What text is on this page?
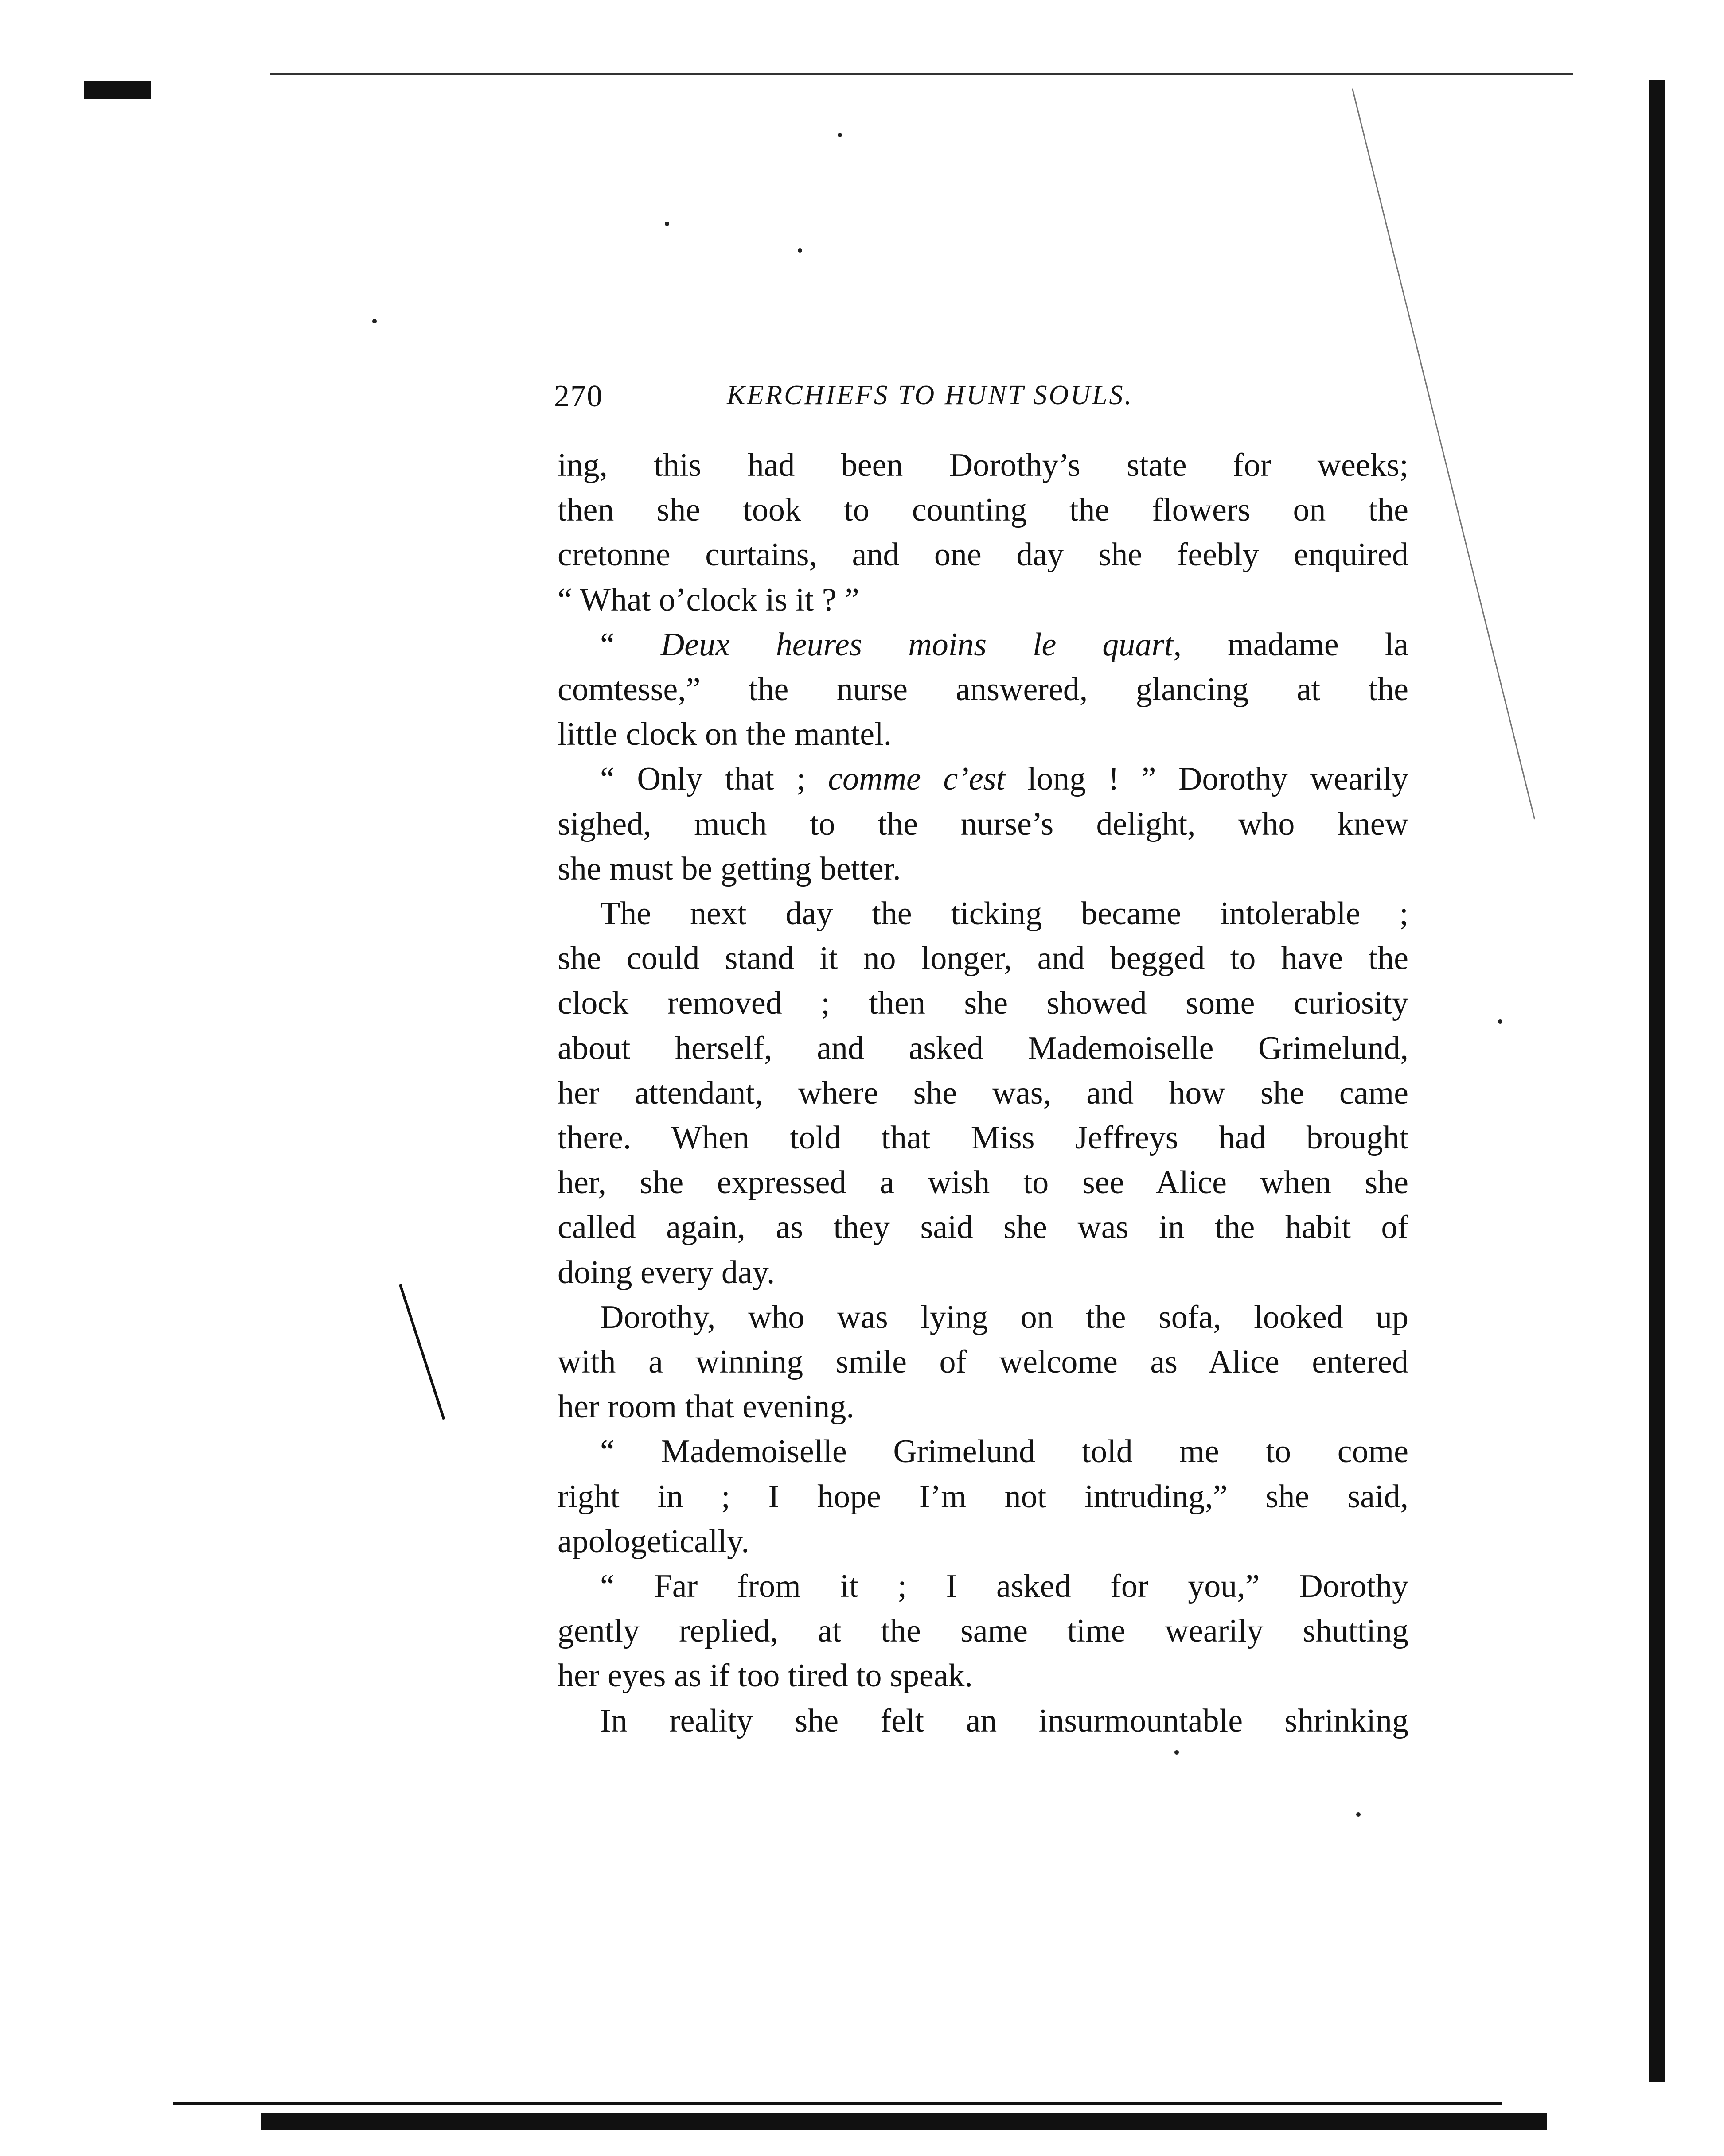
270	KERCHIEFS TO HUNT SOULS.

ing, this had been Dorothy’s state for weeks;

then she took to counting the flowers on the

cretonne curtains, and one day she feebly enquired

“ What o’clock is it ? ”

“ Deux heures moins le quart, madame la

comtesse,” the nurse answered, glancing at the

little clock on the mantel.

“ Only that ; comme c’est long ! ” Dorothy wearily

sighed, much to the nurse’s delight, who knew

she must be getting better.

The next day the ticking became intolerable ;

she could stand it no longer, and begged to have the

clock removed ; then she showed some curiosity

about herself, and asked Mademoiselle Grimelund,

her attendant, where she was, and how she came

there. When told that Miss Jeffreys had brought

her, she expressed a wish to see Alice when she

called again, as they said she was in the habit of

doing every day.

Dorothy, who was lying on the sofa, looked up

with a winning smile of welcome as Alice entered

her room that evening.

“ Mademoiselle Grimelund told me to come

right in ; I hope I’m not intruding,” she said,

apologetically.

“ Far from it ; I asked for you,” Dorothy

gently replied, at the same time wearily shutting

her eyes as if too tired to speak.

In reality she felt an insurmountable shrinking
